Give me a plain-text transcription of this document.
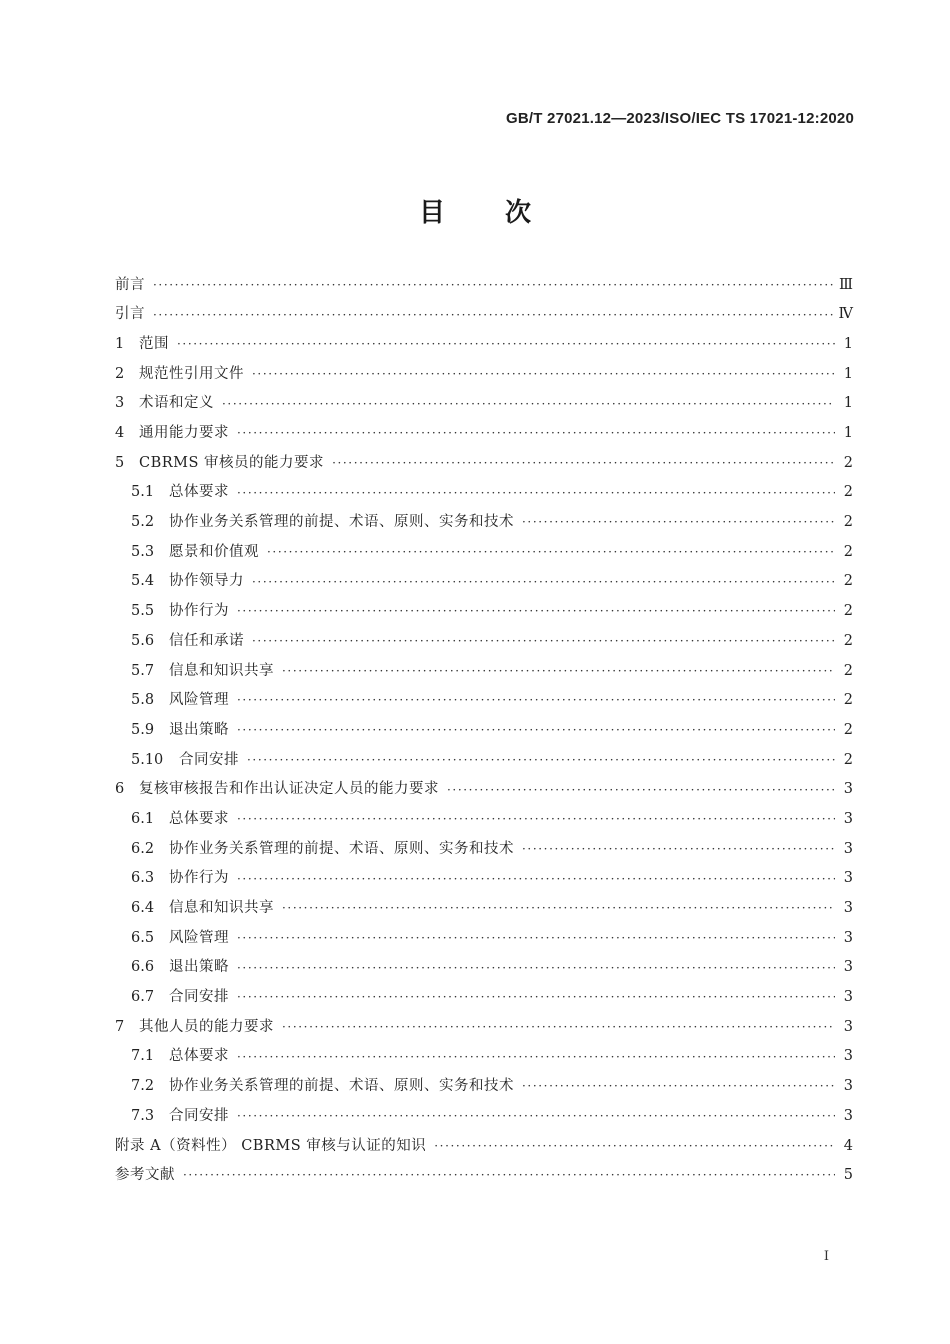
GB/T 27021.12—2023/ISO/IEC TS 17021-12:2020
目 次
前言 ·····	Ⅲ
引言 ·····	Ⅳ
1	范围 ·····	1
2	规范性引用文件 ·····	1
3	术语和定义 ·····	1
4	通用能力要求 ·····	1
5	CBRMS 审核员的能力要求 ·····	2
5.1	总体要求 ·····	2
5.2	协作业务关系管理的前提、术语、原则、实务和技术 ·····	2
5.3	愿景和价值观 ·····	2
5.4	协作领导力 ·····	2
5.5	协作行为 ·····	2
5.6	信任和承诺 ·····	2
5.7	信息和知识共享 ·····	2
5.8	风险管理 ·····	2
5.9	退出策略 ·····	2
5.10	合同安排 ·····	2
6	复核审核报告和作出认证决定人员的能力要求 ·····	3
6.1	总体要求 ·····	3
6.2	协作业务关系管理的前提、术语、原则、实务和技术 ·····	3
6.3	协作行为 ·····	3
6.4	信息和知识共享 ·····	3
6.5	风险管理 ·····	3
6.6	退出策略 ·····	3
6.7	合同安排 ·····	3
7	其他人员的能力要求 ·····	3
7.1	总体要求 ·····	3
7.2	协作业务关系管理的前提、术语、原则、实务和技术 ·····	3
7.3	合同安排 ·····	3
附录 A（资料性） CBRMS 审核与认证的知识 ·····	4
参考文献 ·····	5
I
